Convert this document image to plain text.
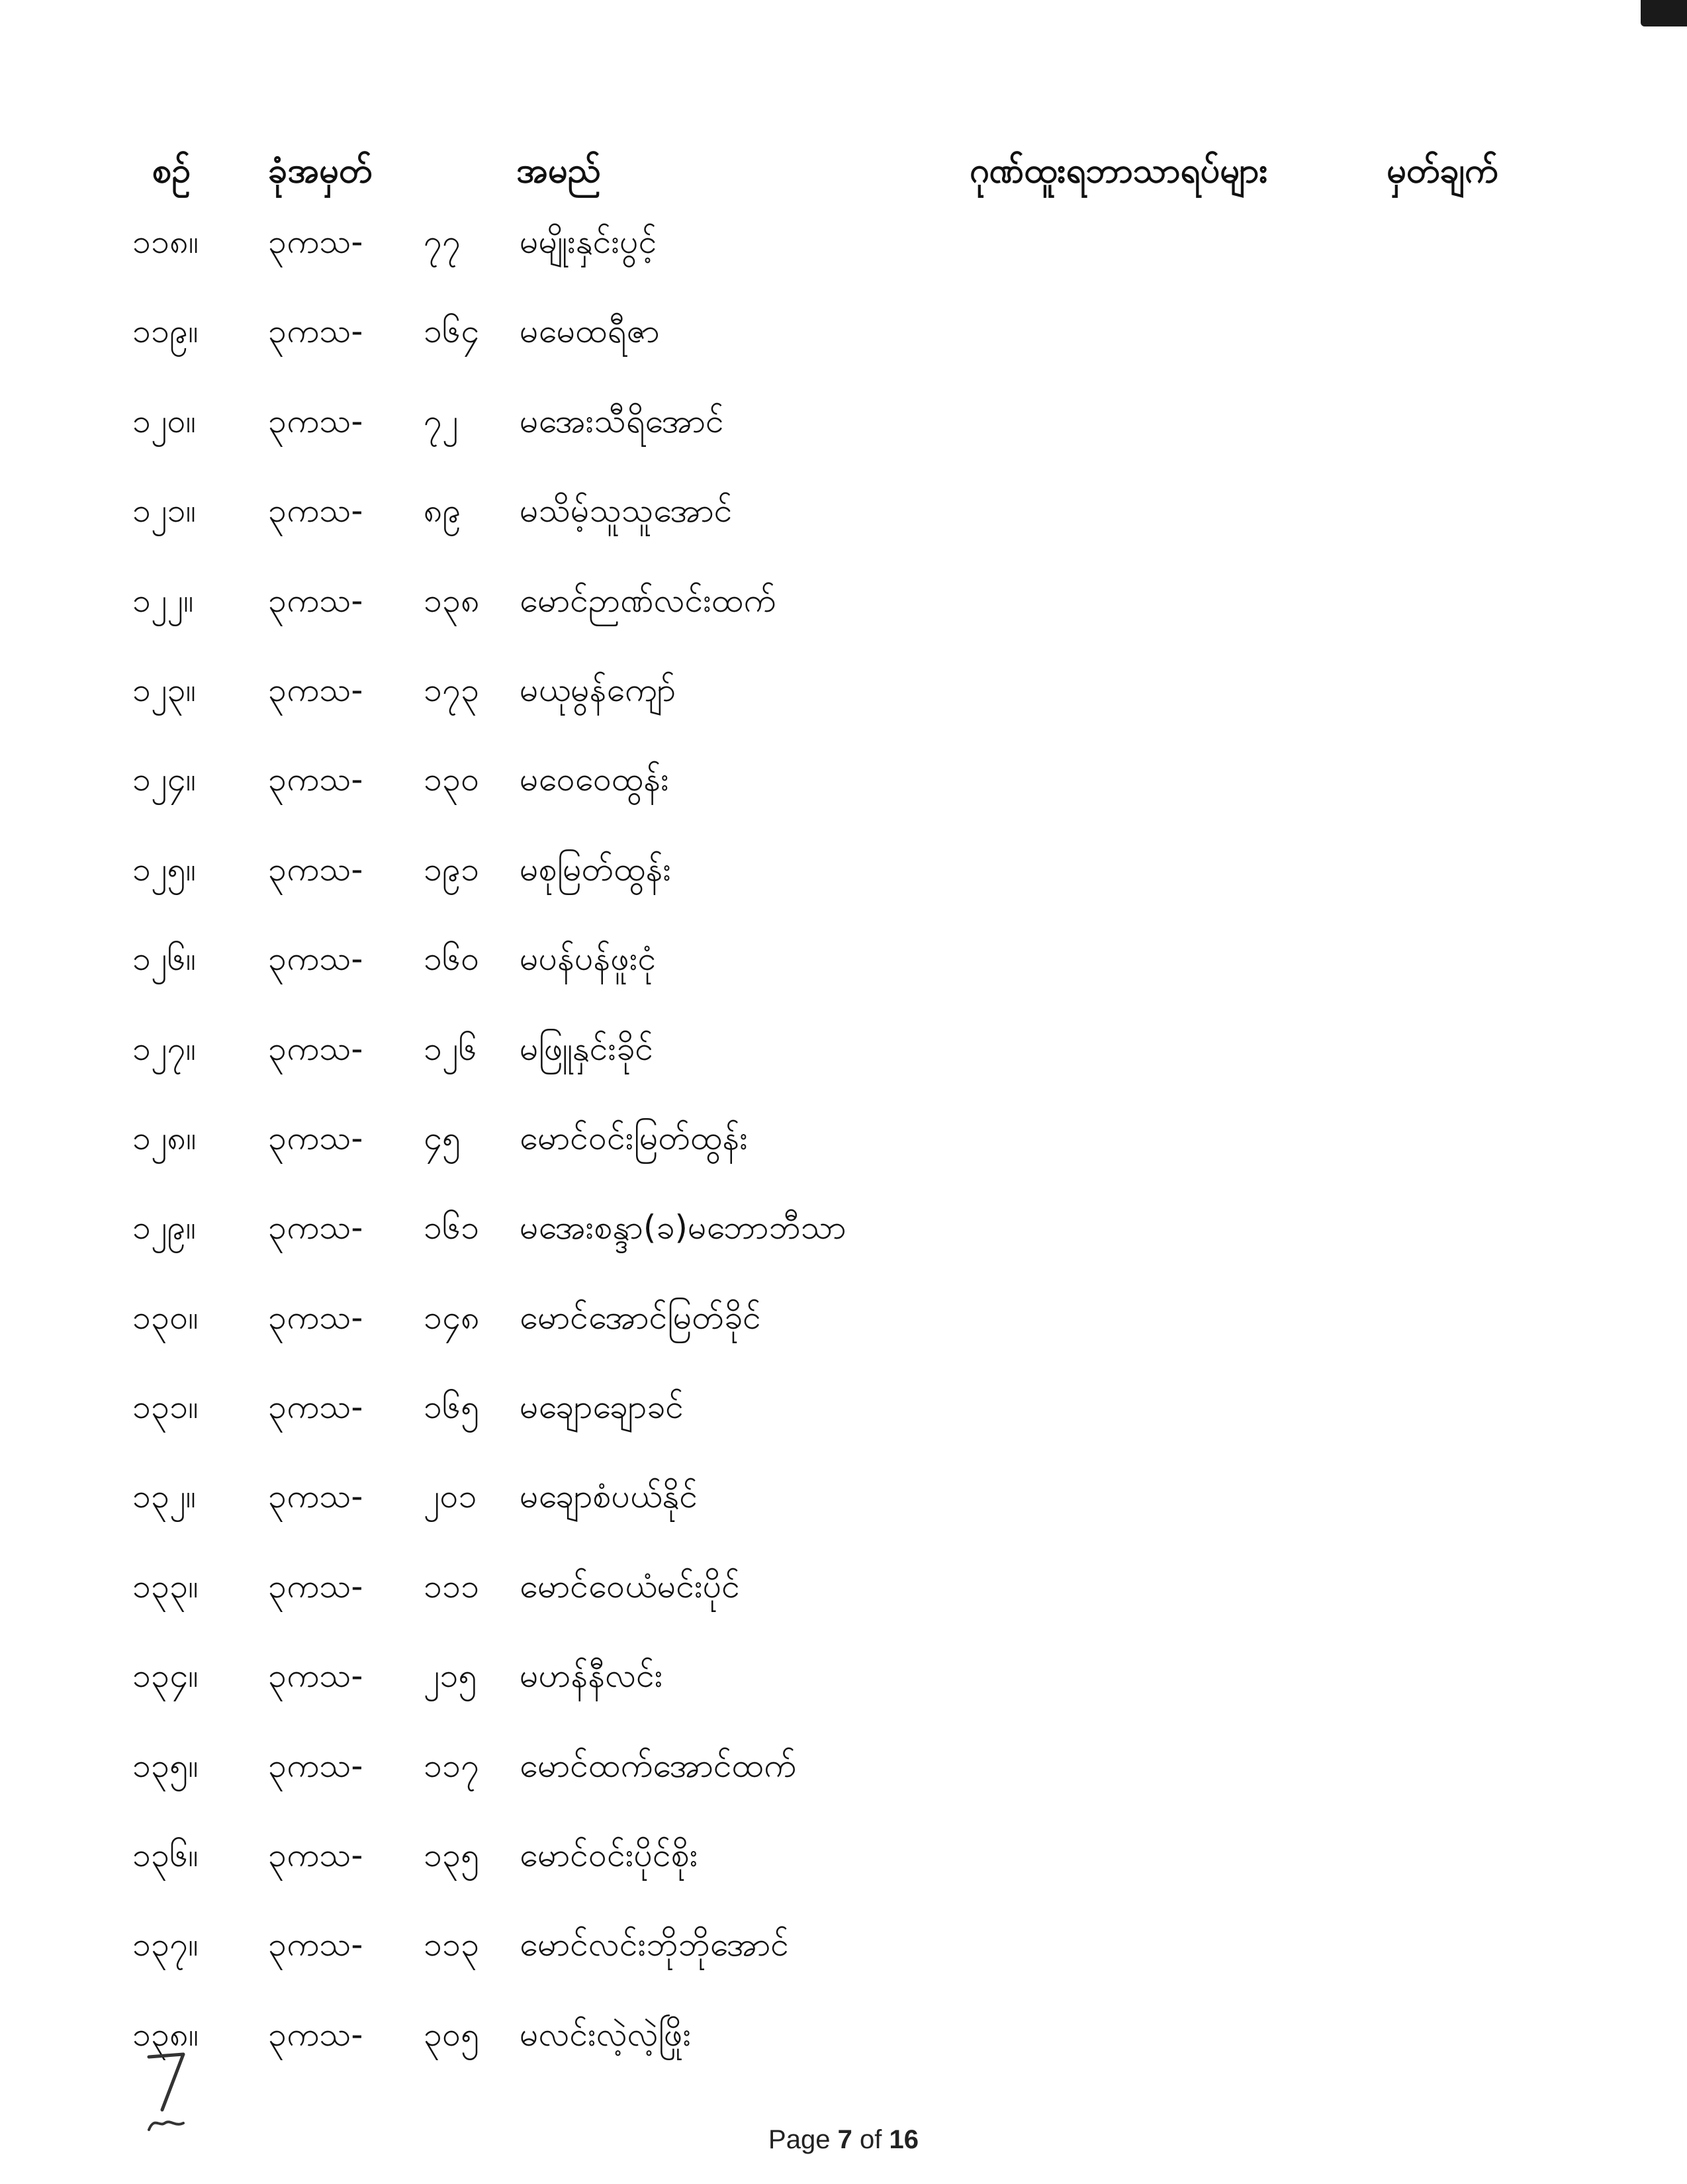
စဥ် ခုံအမှတ်	အမည်	ဂုဏ်ထူးရဘာသာရပ်များ	မှတ်ချက်
၁၁၈။ ၃ကသ- ၇၇ မမျိုးနှင်းပွင့်
၁၁၉။ ၃ကသ- ၁၆၄ မမေထရီဇာ
၁၂၀။ ၃ကသ- ၇၂ မအေးသီရိအောင်
၁၂၁။ ၃ကသ- ၈၉ မသိမ့်သူသူအောင်
၁၂၂။ ၃ကသ- ၁၃၈ မောင်ဉာဏ်လင်းထက်
၁၂၃။ ၃ကသ- ၁၇၃ မယုမွန်ကျော်
၁၂၄။ ၃ကသ- ၁၃၀ မဝေဝေထွန်း
၁၂၅။ ၃ကသ- ၁၉၁ မစုမြတ်ထွန်း
၁၂၆။ ၃ကသ- ၁၆၀ မပန်ပန်ဖူးငုံ
၁၂၇။ ၃ကသ- ၁၂၆ မဖြူနှင်းခိုင်
၁၂၈။ ၃ကသ- ၄၅ မောင်ဝင်းမြတ်ထွန်း
၁၂၉။ ၃ကသ- ၁၆၁ မအေးစန္ဒာ(ခ)မဘောဘီသာ
၁၃၀။ ၃ကသ- ၁၄၈ မောင်အောင်မြတ်ခိုင်
၁၃၁။ ၃ကသ- ၁၆၅ မချောချောခင်
၁၃၂။ ၃ကသ- ၂၀၁ မချောစံပယ်နိုင်
၁၃၃။ ၃ကသ- ၁၁၁ မောင်ဝေယံမင်းပိုင်
၁၃၄။ ၃ကသ- ၂၁၅ မဟန်နီလင်း
၁၃၅။ ၃ကသ- ၁၁၇ မောင်ထက်အောင်ထက်
၁၃၆။ ၃ကသ- ၁၃၅ မောင်ဝင်းပိုင်စိုး
၁၃၇။ ၃ကသ- ၁၁၃ မောင်လင်းဘိုဘိုအောင်
၁၃၈။ ၃ကသ- ၃၀၅ မလင်းလဲ့လဲ့ဖြိုး
Page 7 of 16
